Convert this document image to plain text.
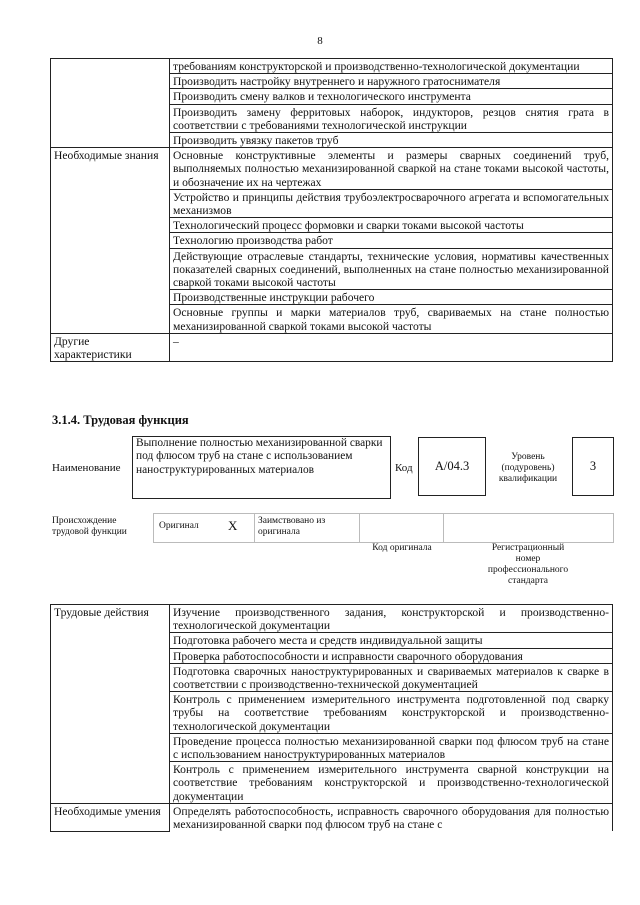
8
	требованиям конструкторской и производственно-технологической документации
	Производить настройку внутреннего и наружного гратоснимателя
	Производить смену валков и технологического инструмента
	Производить замену ферритовых наборок, индукторов, резцов снятия грата в соответствии с требованиями технологической инструкции
	Производить увязку пакетов труб
Необходимые знания	Основные конструктивные элементы и размеры сварных соединений труб, выполняемых полностью механизированной сваркой на стане токами высокой частоты, и обозначение их на чертежах
	Устройство и принципы действия трубоэлектросварочного агрегата и вспомогательных механизмов
	Технологический процесс формовки и сварки токами высокой частоты
	Технологию производства работ
	Действующие отраслевые стандарты, технические условия, нормативы качественных показателей сварных соединений, выполненных на стане полностью механизированной сваркой токами высокой частоты
	Производственные инструкции рабочего
	Основные группы и марки материалов труб, свариваемых на стане полностью механизированной сваркой токами высокой частоты
Другие характеристики	–
3.1.4. Трудовая функция
Наименование
Выполнение полностью механизированной сварки под флюсом труб на стане с использованием наноструктурированных материалов	Код	A/04.3
Уровень (подуровень) квалификации
3
Происхождение трудовой функции
Оригинал X Заимствовано из оригинала
Код оригинала	Регистрационный номер профессионального стандарта
Трудовые действия	Изучение производственного задания, конструкторской и производственно-технологической документации
	Подготовка рабочего места и средств индивидуальной защиты
	Проверка работоспособности и исправности сварочного оборудования
	Подготовка сварочных наноструктурированных и свариваемых материалов к сварке в соответствии с производственно-технической документацией
	Контроль с применением измерительного инструмента подготовленной под сварку трубы на соответствие требованиям конструкторской и производственно-технологической документации
	Проведение процесса полностью механизированной сварки под флюсом труб на стане с использованием наноструктурированных материалов
	Контроль с применением измерительного инструмента сварной конструкции на соответствие требованиям конструкторской и производственно-технологической документации
Необходимые умения	Определять работоспособность, исправность сварочного оборудования для полностью механизированной сварки под флюсом труб на стане с
